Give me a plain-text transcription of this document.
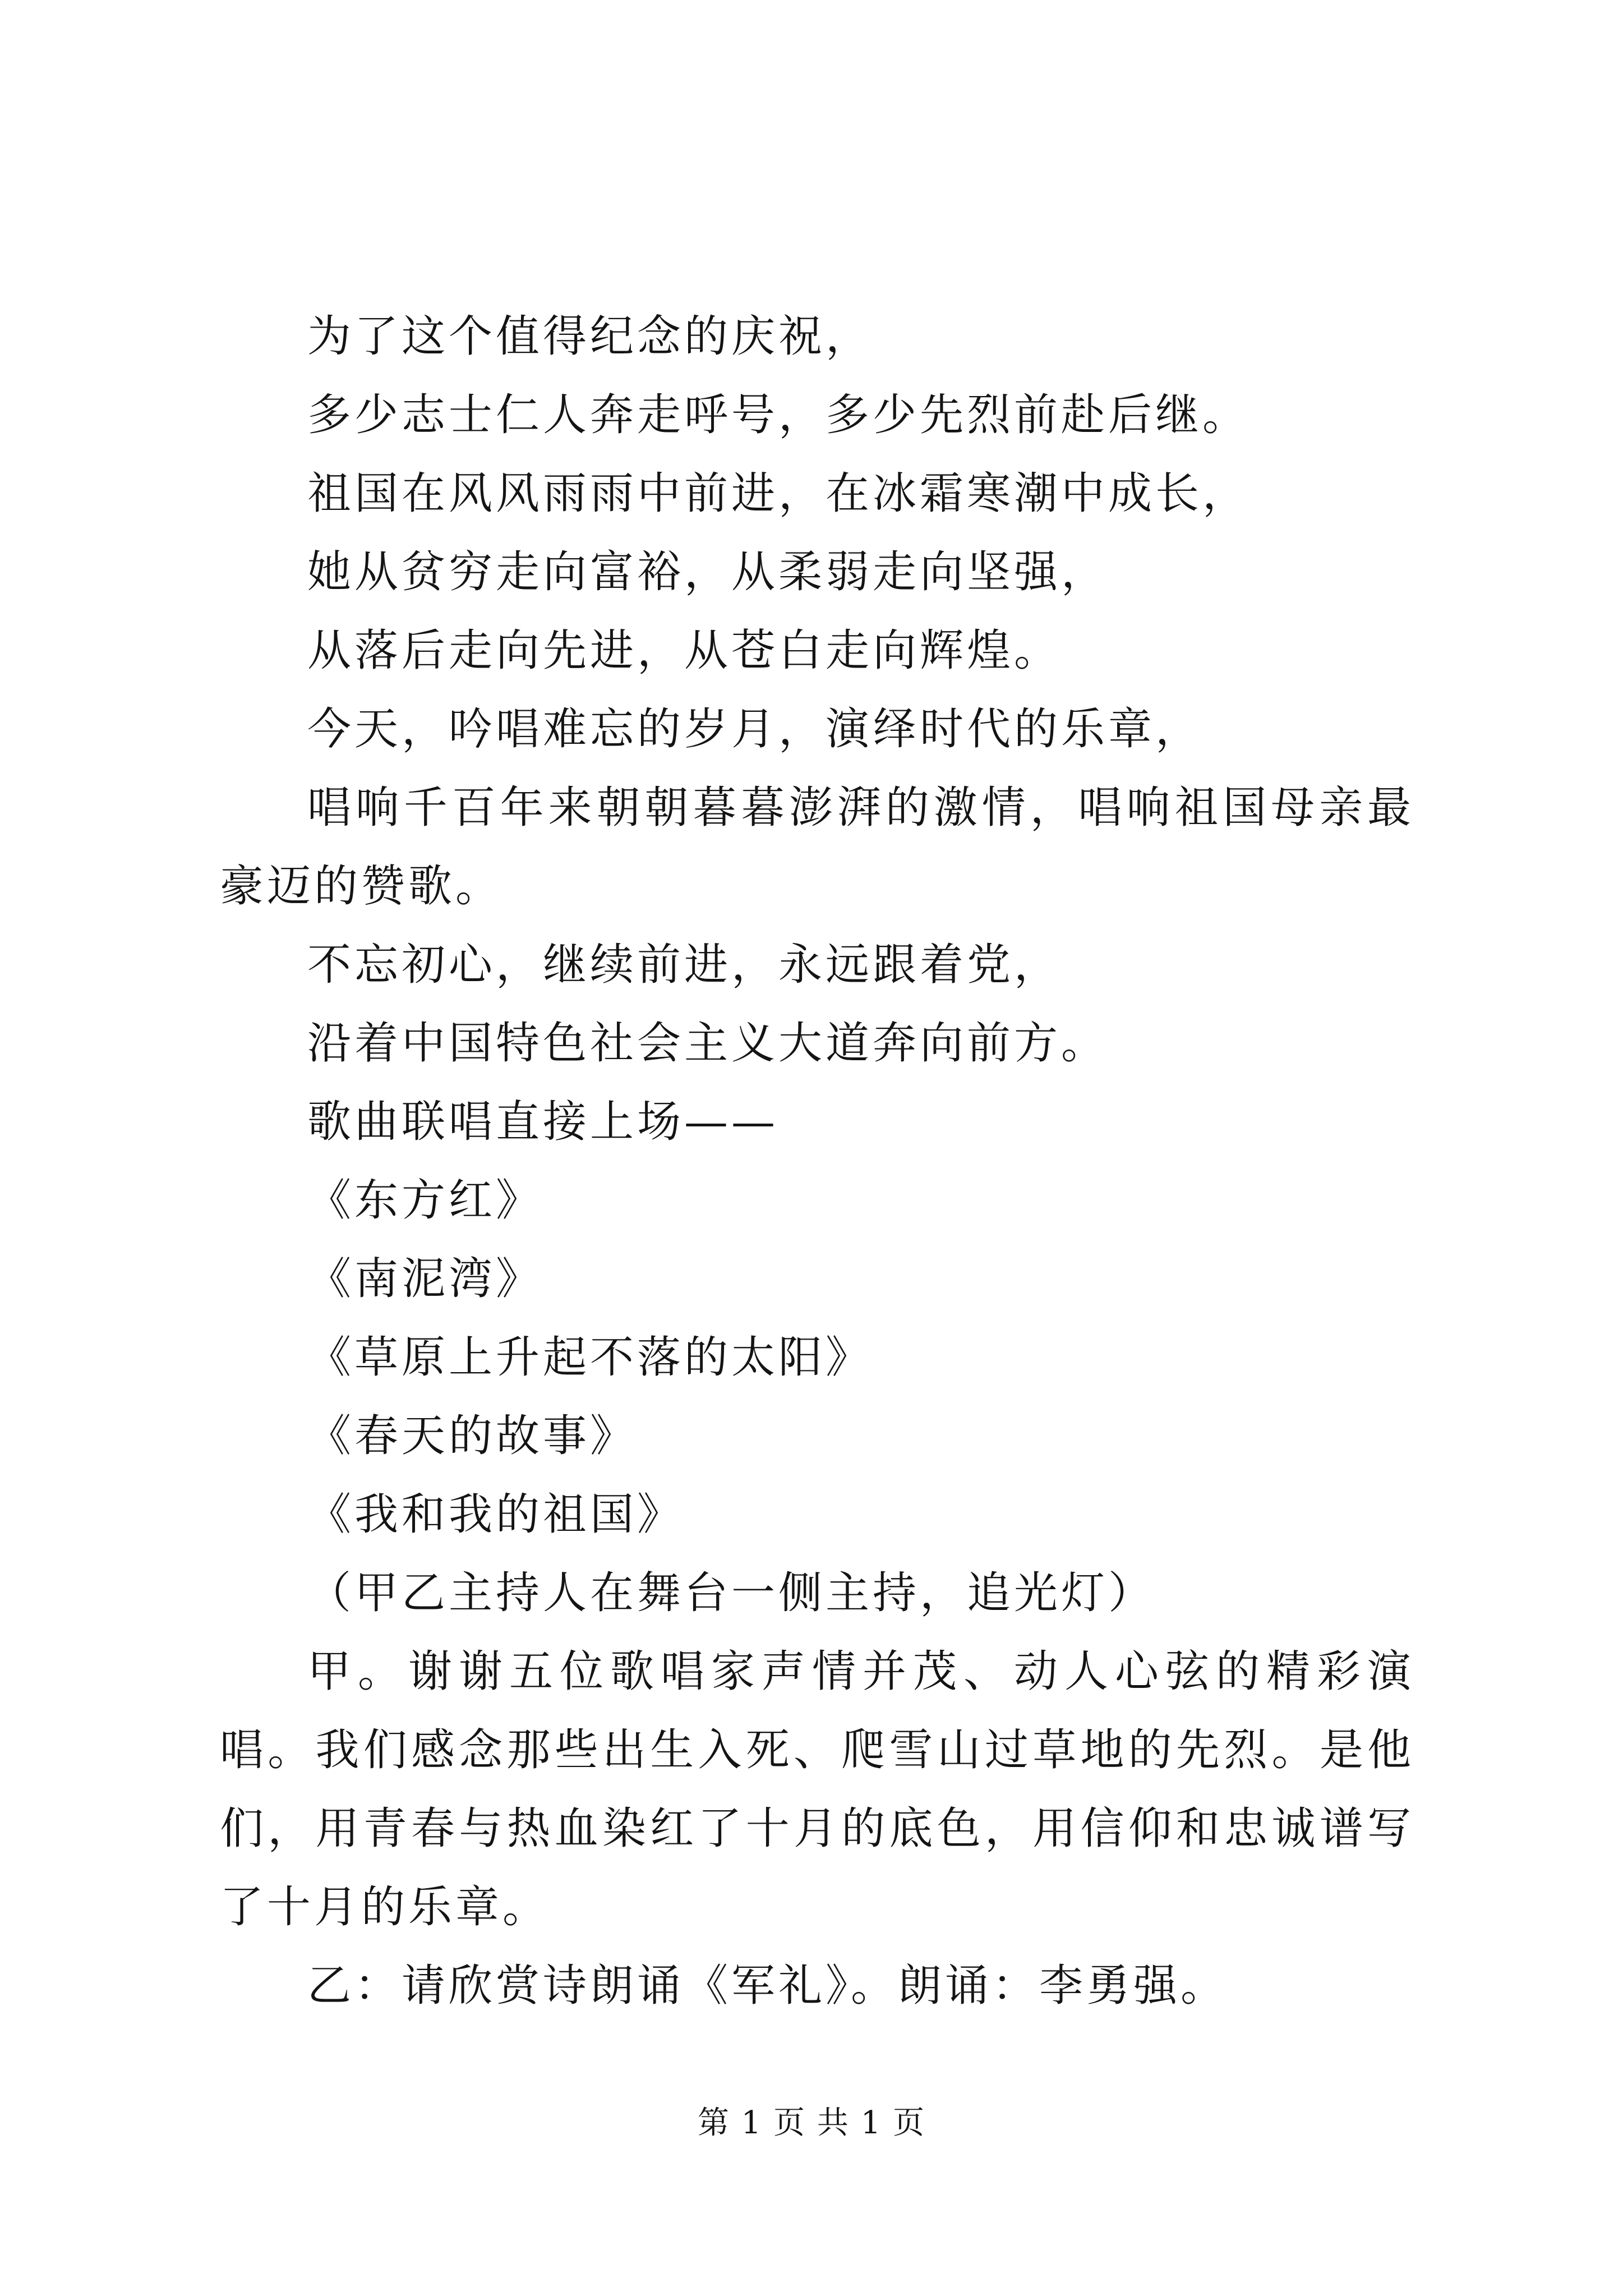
为了这个值得纪念的庆祝，

多少志士仁人奔走呼号，多少先烈前赴后继。

祖国在风风雨雨中前进，在冰霜寒潮中成长，

她从贫穷走向富裕，从柔弱走向坚强，

从落后走向先进，从苍白走向辉煌。

今天，吟唱难忘的岁月，演绎时代的乐章，

唱响千百年来朝朝暮暮澎湃的激情，唱响祖国母亲最豪迈的赞歌。

不忘初心，继续前进，永远跟着党，

沿着中国特色社会主义大道奔向前方。

歌曲联唱直接上场——

《东方红》

《南泥湾》

《草原上升起不落的太阳》

《春天的故事》

《我和我的祖国》

（甲乙主持人在舞台一侧主持，追光灯）

甲。谢谢五位歌唱家声情并茂、动人心弦的精彩演唱。我们感念那些出生入死、爬雪山过草地的先烈。是他们，用青春与热血染红了十月的底色，用信仰和忠诚谱写了十月的乐章。

乙：请欣赏诗朗诵《军礼》。朗诵：李勇强。

第 1 页 共 1 页
